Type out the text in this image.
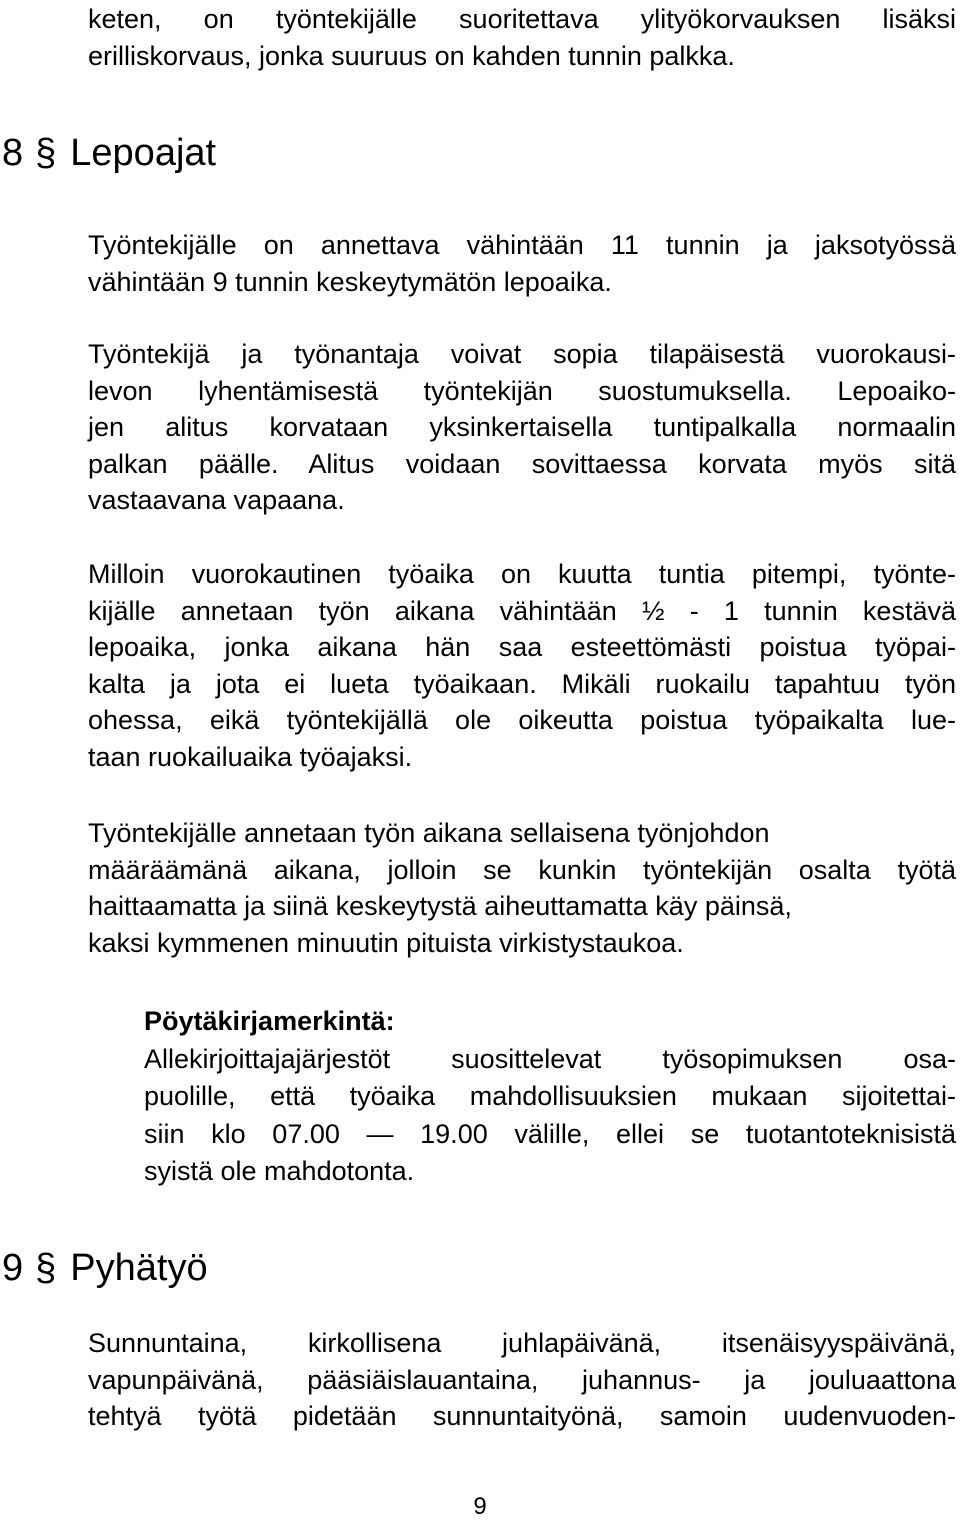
keten, on työntekijälle suoritettava ylityökorvauksen lisäksi
erilliskorvaus, jonka suuruus on kahden tunnin palkka.

8 § Lepoajat

Työntekijälle on annettava vähintään 11 tunnin ja jaksotyössä
vähintään 9 tunnin keskeytymätön lepoaika.

Työntekijä ja työnantaja voivat sopia tilapäisestä vuorokausi-
levon lyhentämisestä työntekijän suostumuksella. Lepoaiko-
jen alitus korvataan yksinkertaisella tuntipalkalla normaalin
palkan päälle. Alitus voidaan sovittaessa korvata myös sitä
vastaavana vapaana.

Milloin vuorokautinen työaika on kuutta tuntia pitempi, työnte-
kijälle annetaan työn aikana vähintään ½ - 1 tunnin kestävä
lepoaika, jonka aikana hän saa esteettömästi poistua työpai-
kalta ja jota ei lueta työaikaan. Mikäli ruokailu tapahtuu työn
ohessa, eikä työntekijällä ole oikeutta poistua työpaikalta lue-
taan ruokailuaika työajaksi.

Työntekijälle annetaan työn aikana sellaisena työnjohdon
määräämänä aikana, jolloin se kunkin työntekijän osalta työtä
haittaamatta ja siinä keskeytystä aiheuttamatta käy päinsä,
kaksi kymmenen minuutin pituista virkistystaukoa.

Pöytäkirjamerkintä:
Allekirjoittajajärjestöt suosittelevat työsopimuksen osa-
puolille, että työaika mahdollisuuksien mukaan sijoitettai-
siin klo 07.00 — 19.00 välille, ellei se tuotantoteknisistä
syistä ole mahdotonta.
9 § Pyhätyö

Sunnuntaina, kirkollisena juhlapäivänä, itsenäisyyspäivänä,
vapunpäivänä, pääsiäislauantaina, juhannus- ja jouluaattona
tehtyä työtä pidetään sunnuntaityönä, samoin uudenvuoden-

9
